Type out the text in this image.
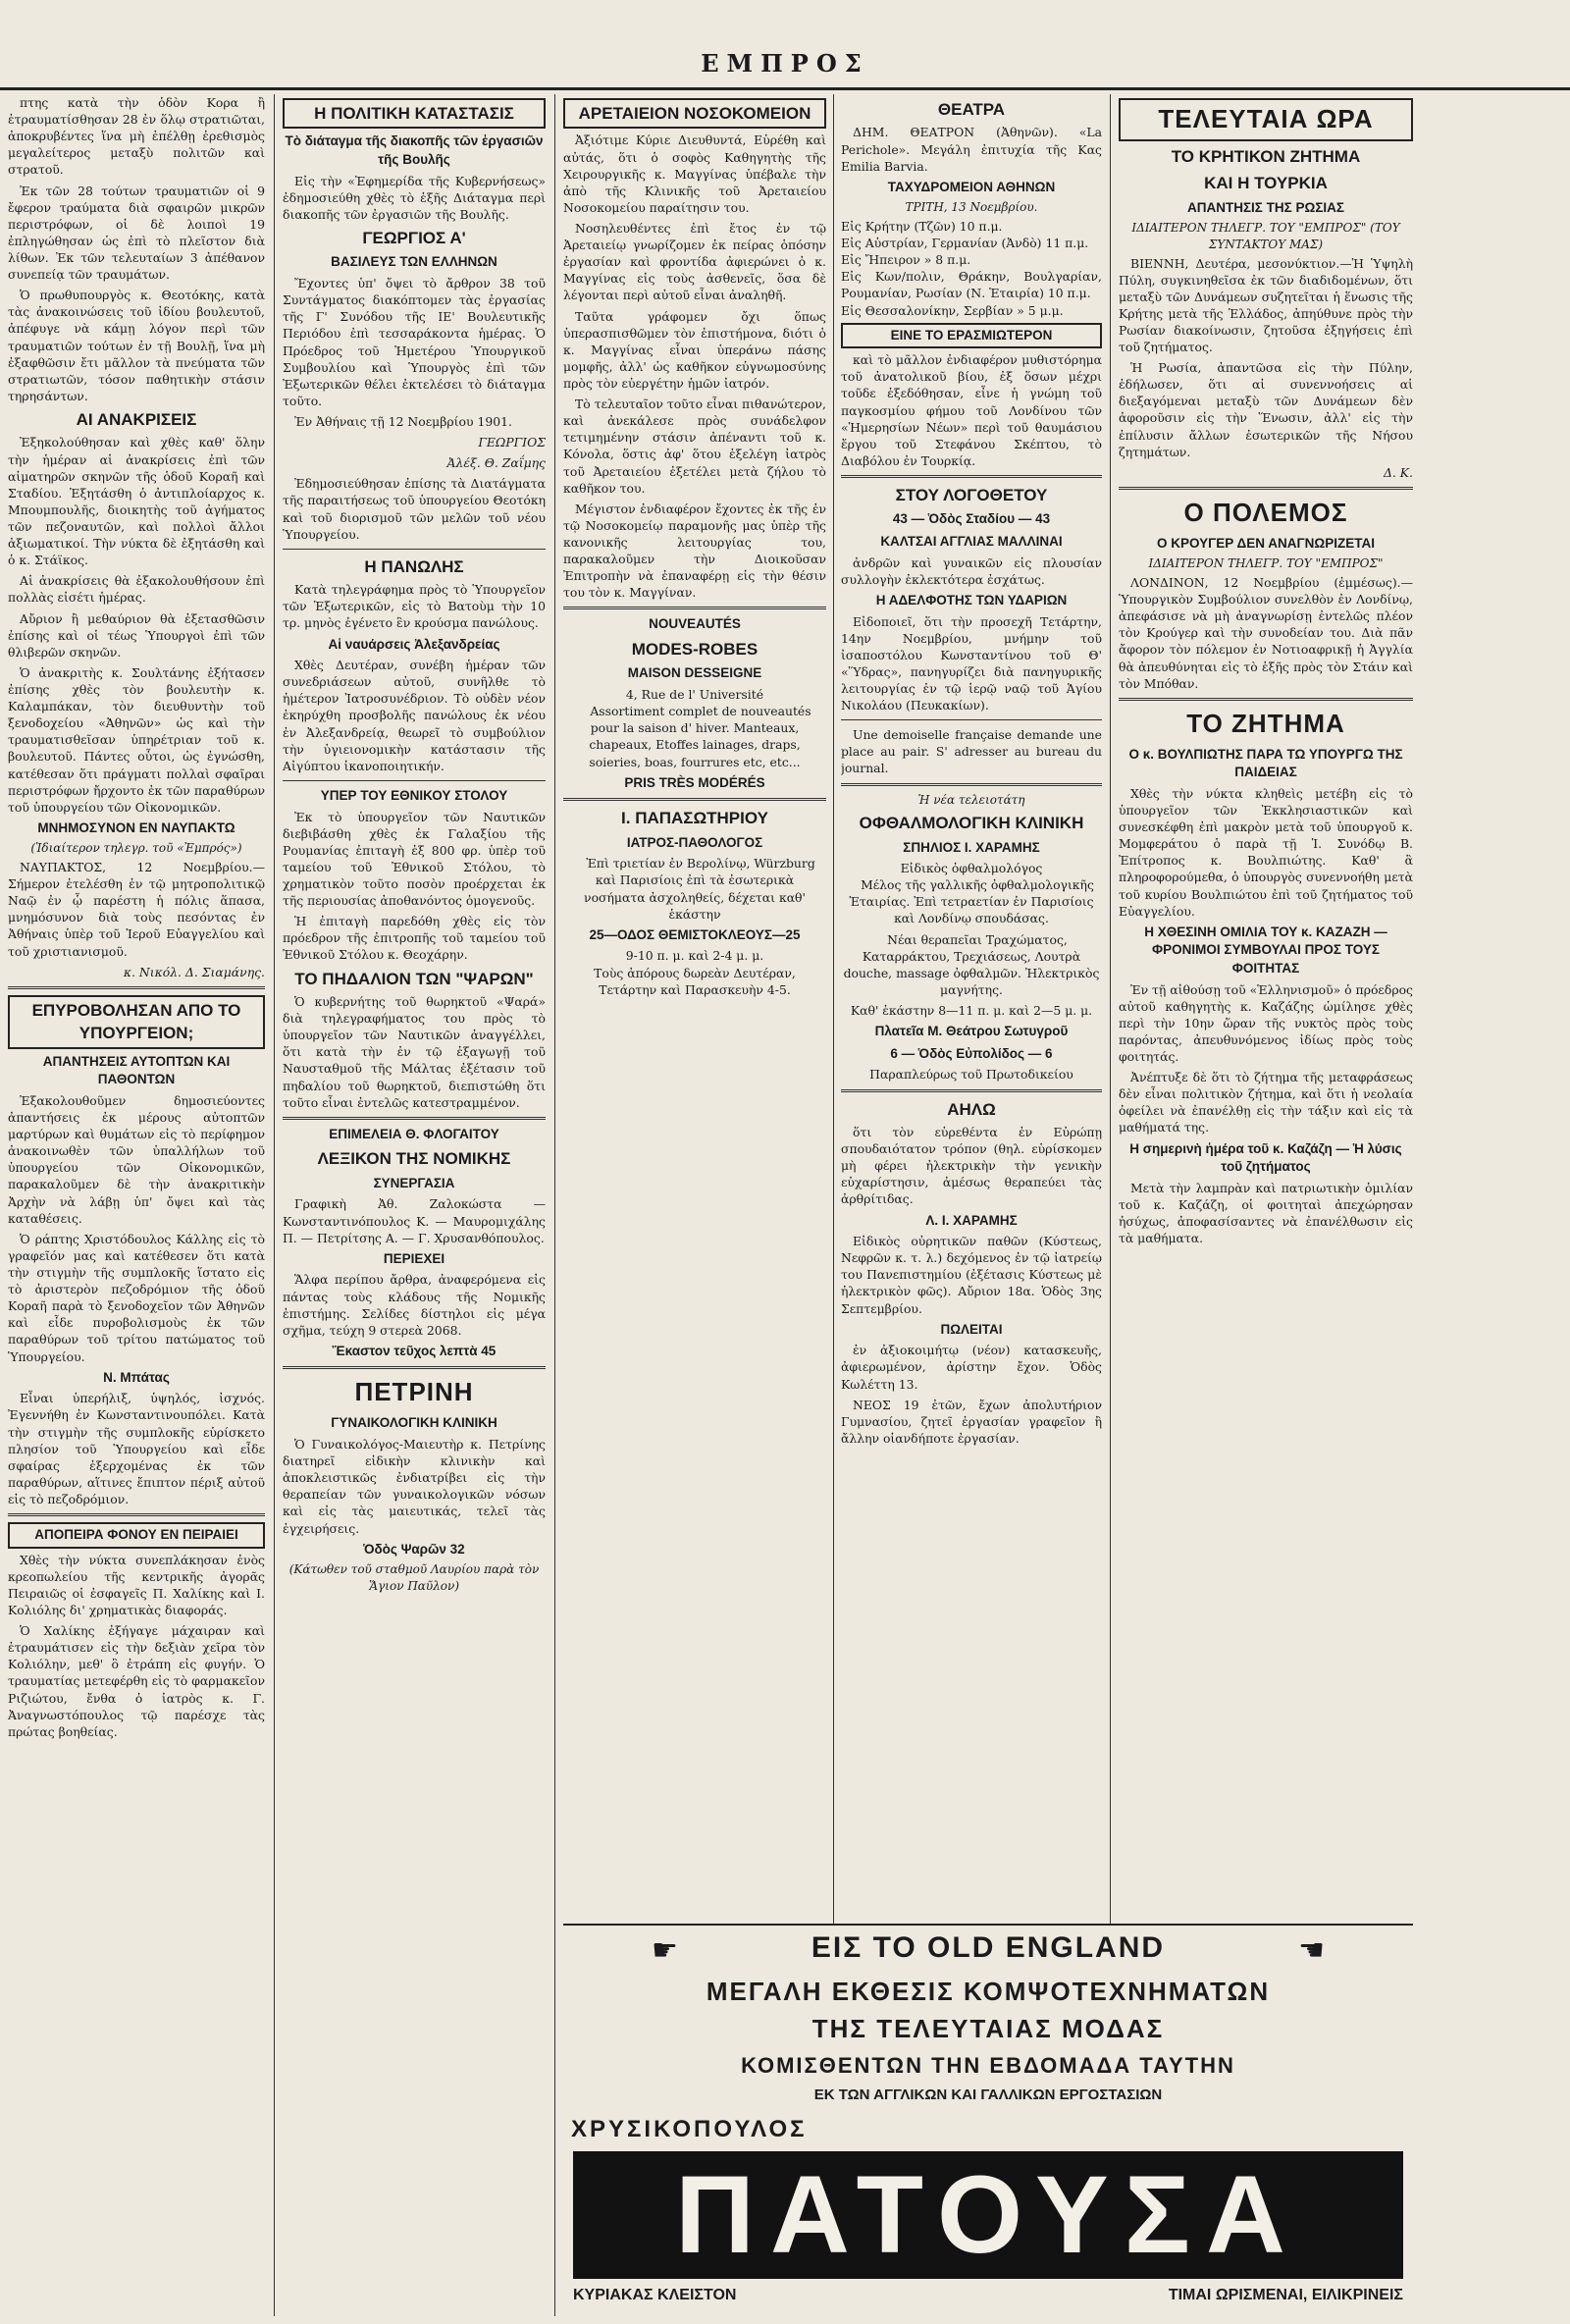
ΕΜΠΡΟΣ

πτης κατὰ τὴν ὁδὸν Κορα ἢ ἐτραυματίσθησαν 28 ἐν ὅλῳ στρατιῶται, ἀποκρυβέντες ἵνα μὴ ἐπέλθῃ ἐρεθισμὸς μεγαλείτερος μεταξὺ πολιτῶν καὶ στρατοῦ.

Ἐκ τῶν 28 τούτων τραυματιῶν οἱ 9 ἔφερον τραύματα διὰ σφαιρῶν μικρῶν περιστρόφων, οἱ δὲ λοιποὶ 19 ἐπληγώθησαν ὡς ἐπὶ τὸ πλεῖστον διὰ λίθων. Ἐκ τῶν τελευταίων 3 ἀπέθανον συνεπείᾳ τῶν τραυμάτων.

Ὁ πρωθυπουργὸς κ. Θεοτόκης, κατὰ τὰς ἀνακοινώσεις τοῦ ἰδίου βουλευτοῦ, ἀπέφυγε νὰ κάμῃ λόγον περὶ τῶν τραυματιῶν τούτων ἐν τῇ Βουλῇ, ἵνα μὴ ἐξαφθῶσιν ἔτι μᾶλλον τὰ πνεύματα τῶν στρατιωτῶν, τόσον παθητικὴν στάσιν τηρησάντων.

ΑΙ ΑΝΑΚΡΙΣΕΙΣ

Ἐξηκολούθησαν καὶ χθὲς καθ' ὅλην τὴν ἡμέραν αἱ ἀνακρίσεις ἐπὶ τῶν αἱματηρῶν σκηνῶν τῆς ὁδοῦ Κοραῆ καὶ Σταδίου. Ἐξητάσθη ὁ ἀντιπλοίαρχος κ. Μπουμπουλῆς, διοικητὴς τοῦ ἀγήματος τῶν πεζοναυτῶν, καὶ πολλοὶ ἄλλοι ἀξιωματικοί. Τὴν νύκτα δὲ ἐξητάσθη καὶ ὁ κ. Στάϊκος.

Αἱ ἀνακρίσεις θὰ ἐξακολουθήσουν ἐπὶ πολλὰς εἰσέτι ἡμέρας.

Αὔριον ἢ μεθαύριον θὰ ἐξετασθῶσιν ἐπίσης καὶ οἱ τέως Ὑπουργοὶ ἐπὶ τῶν θλιβερῶν σκηνῶν.

Ὁ ἀνακριτὴς κ. Σουλτάνης ἐξήτασεν ἐπίσης χθὲς τὸν βουλευτὴν κ. Καλαμπάκαν, τὸν διευθυντὴν τοῦ ξενοδοχείου «Ἀθηνῶν» ὡς καὶ τὴν τραυματισθεῖσαν ὑπηρέτριαν τοῦ κ. βουλευτοῦ. Πάντες οὗτοι, ὡς ἐγνώσθη, κατέθεσαν ὅτι πράγματι πολλαὶ σφαῖραι περιστρόφων ἤρχοντο ἐκ τῶν παραθύρων τοῦ ὑπουργείου τῶν Οἰκονομικῶν.

ΜΝΗΜΟΣΥΝΟΝ ΕΝ ΝΑΥΠΑΚΤΩ
(Ἰδιαίτερον τηλεγρ. τοῦ «Ἐμπρός»)

ΝΑΥΠΑΚΤΟΣ, 12 Νοεμβρίου.— Σήμερον ἐτελέσθη ἐν τῷ μητροπολιτικῷ Ναῷ ἐν ᾧ παρέστη ἡ πόλις ἅπασα, μνημόσυνον διὰ τοὺς πεσόντας ἐν Ἀθήναις ὑπὲρ τοῦ Ἱεροῦ Εὐαγγελίου καὶ τοῦ χριστιανισμοῦ.

κ. Νικόλ. Δ. Σιαμάνης.

ΕΠΥΡΟΒΟΛΗΣΑΝ ΑΠΟ ΤΟ ΥΠΟΥΡΓΕΙΟΝ;
ΑΠΑΝΤΗΣΕΙΣ ΑΥΤΟΠΤΩΝ ΚΑΙ ΠΑΘΟΝΤΩΝ

Ἐξακολουθοῦμεν δημοσιεύοντες ἀπαντήσεις ἐκ μέρους αὐτοπτῶν μαρτύρων καὶ θυμάτων εἰς τὸ περίφημον ἀνακοινωθὲν τῶν ὑπαλλήλων τοῦ ὑπουργείου τῶν Οἰκονομικῶν, παρακαλοῦμεν δὲ τὴν ἀνακριτικὴν Ἀρχὴν νὰ λάβῃ ὑπ' ὄψει καὶ τὰς καταθέσεις.

Ὁ ράπτης Χριστόδουλος Κάλλης εἰς τὸ γραφεῖόν μας καὶ κατέθεσεν ὅτι κατὰ τὴν στιγμὴν τῆς συμπλοκῆς ἵστατο εἰς τὸ ἀριστερὸν πεζοδρόμιον τῆς ὁδοῦ Κοραῆ παρὰ τὸ ξενοδοχεῖον τῶν Ἀθηνῶν καὶ εἶδε πυροβολισμοὺς ἐκ τῶν παραθύρων τοῦ τρίτου πατώματος τοῦ Ὑπουργείου.

Ν. Μπάτας

Εἶναι ὑπερήλιξ, ὑψηλός, ἰσχνός. Ἐγεννήθη ἐν Κωνσταντινουπόλει. Κατὰ τὴν στιγμὴν τῆς συμπλοκῆς εὑρίσκετο πλησίον τοῦ Ὑπουργείου καὶ εἶδε σφαίρας ἐξερχομένας ἐκ τῶν παραθύρων, αἵτινες ἔπιπτον πέριξ αὐτοῦ εἰς τὸ πεζοδρόμιον.

ΑΠΟΠΕΙΡΑ ΦΟΝΟΥ ΕΝ ΠΕΙΡΑΙΕΙ

Χθὲς τὴν νύκτα συνεπλάκησαν ἐνὸς κρεοπωλείου τῆς κεντρικῆς ἀγορᾶς Πειραιῶς οἱ ἐσφαγεῖς Π. Χαλίκης καὶ Ι. Κολιόλης δι' χρηματικὰς διαφοράς.

Ὁ Χαλίκης ἐξήγαγε μάχαιραν καὶ ἐτραυμάτισεν εἰς τὴν δεξιὰν χεῖρα τὸν Κολιόλην, μεθ' ὃ ἐτράπη εἰς φυγήν. Ὁ τραυματίας μετεφέρθη εἰς τὸ φαρμακεῖον Ριζιώτου, ἔνθα ὁ ἰατρὸς κ. Γ. Ἀναγνωστόπουλος τῷ παρέσχε τὰς πρώτας βοηθείας.

Η ΠΟΛΙΤΙΚΗ ΚΑΤΑΣΤΑΣΙΣ
Τὸ διάταγμα τῆς διακοπῆς τῶν ἐργασιῶν τῆς Βουλῆς

Εἰς τὴν «Ἐφημερίδα τῆς Κυβερνήσεως» ἐδημοσιεύθη χθὲς τὸ ἑξῆς Διάταγμα περὶ διακοπῆς τῶν ἐργασιῶν τῆς Βουλῆς.

ΓΕΩΡΓΙΟΣ Α'
ΒΑΣΙΛΕΥΣ ΤΩΝ ΕΛΛΗΝΩΝ

Ἔχοντες ὑπ' ὄψει τὸ ἄρθρον 38 τοῦ Συντάγματος διακόπτομεν τὰς ἐργασίας τῆς Γ' Συνόδου τῆς ΙΕ' Βουλευτικῆς Περιόδου ἐπὶ τεσσαράκοντα ἡμέρας. Ὁ Πρόεδρος τοῦ Ἡμετέρου Ὑπουργικοῦ Συμβουλίου καὶ Ὑπουργὸς ἐπὶ τῶν Ἐξωτερικῶν θέλει ἐκτελέσει τὸ διάταγμα τοῦτο.

Ἐν Ἀθήναις τῇ 12 Νοεμβρίου 1901.

ΓΕΩΡΓΙΟΣ

Ἀλέξ. Θ. Ζαΐμης

Ἐδημοσιεύθησαν ἐπίσης τὰ Διατάγματα τῆς παραιτήσεως τοῦ ὑπουργείου Θεοτόκη καὶ τοῦ διορισμοῦ τῶν μελῶν τοῦ νέου Ὑπουργείου.

Η ΠΑΝΩΛΗΣ

Κατὰ τηλεγράφημα πρὸς τὸ Ὑπουργεῖον τῶν Ἐξωτερικῶν, εἰς τὸ Βατοὺμ τὴν 10 τρ. μηνὸς ἐγένετο ἓν κρούσμα πανώλους.

Αἱ ναυάρσεις Ἀλεξανδρείας

Χθὲς Δευτέραν, συνέβη ἡμέραν τῶν συνεδριάσεων αὐτοῦ, συνῆλθε τὸ ἡμέτερον Ἰατροσυνέδριον. Τὸ οὐδὲν νέον ἐκηρύχθη προσβολῆς πανώλους ἐκ νέου ἐν Ἀλεξανδρείᾳ, θεωρεῖ τὸ συμβούλιον τὴν ὑγιειονομικὴν κατάστασιν τῆς Αἰγύπτου ἱκανοποιητικήν.

ΥΠΕΡ ΤΟΥ ΕΘΝΙΚΟΥ ΣΤΟΛΟΥ

Ἐκ τὸ ὑπουργεῖον τῶν Ναυτικῶν διεβιβάσθη χθὲς ἐκ Γαλαξίου τῆς Ρουμανίας ἐπιταγὴ ἐξ 800 φρ. ὑπὲρ τοῦ ταμείου τοῦ Ἐθνικοῦ Στόλου, τὸ χρηματικὸν τοῦτο ποσὸν προέρχεται ἐκ τῆς περιουσίας ἀποθανόντος ὁμογενοῦς.

Ἡ ἐπιταγὴ παρεδόθη χθὲς εἰς τὸν πρόεδρον τῆς ἐπιτροπῆς τοῦ ταμείου τοῦ Ἐθνικοῦ Στόλου κ. Θεοχάρην.

ΤΟ ΠΗΔΑΛΙΟΝ ΤΩΝ "ΨΑΡΩΝ"

Ὁ κυβερνήτης τοῦ θωρηκτοῦ «Ψαρά» διὰ τηλεγραφήματος του πρὸς τὸ ὑπουργεῖον τῶν Ναυτικῶν ἀναγγέλλει, ὅτι κατὰ τὴν ἐν τῷ ἐξαγωγῇ τοῦ Ναυσταθμοῦ τῆς Μάλτας ἐξέτασιν τοῦ πηδαλίου τοῦ θωρηκτοῦ, διεπιστώθη ὅτι τοῦτο εἶναι ἐντελῶς κατεστραμμένον.

ΕΠΙΜΕΛΕΙΑ Θ. ΦΛΟΓΑΙΤΟΥ
ΛΕΞΙΚΟΝ ΤΗΣ ΝΟΜΙΚΗΣ
ΣΥΝΕΡΓΑΣΙΑ

Γραφικὴ Ἀθ. Ζαλοκώστα — Κωνσταντινόπουλος Κ. — Μαυρομιχάλης Π. — Πετρίτσης Α. — Γ. Χρυσανθόπουλος.

ΠΕΡΙΕΧΕΙ

Ἅλφα περίπου ἄρθρα, ἀναφερόμενα εἰς πάντας τοὺς κλάδους τῆς Νομικῆς ἐπιστήμης. Σελίδες δίστηλοι εἰς μέγα σχῆμα, τεύχη 9 στερεὰ 2068.

Ἕκαστον τεῦχος λεπτὰ 45
ΠΕΤΡΙΝΗ
ΓΥΝΑΙΚΟΛΟΓΙΚΗ ΚΛΙΝΙΚΗ

Ὁ Γυναικολόγος-Μαιευτὴρ κ. Πετρίνης διατηρεῖ εἰδικὴν κλινικὴν καὶ ἀποκλειστικῶς ἐνδιατρίβει εἰς τὴν θεραπείαν τῶν γυναικολογικῶν νόσων καὶ εἰς τὰς μαιευτικάς, τελεῖ τὰς ἐγχειρήσεις.

Ὁδὸς Ψαρῶν 32
(Κάτωθεν τοῦ σταθμοῦ Λαυρίου παρὰ τὸν Ἅγιον Παῦλον)
ΑΡΕΤΑΙΕΙΟΝ ΝΟΣΟΚΟΜΕΙΟΝ

Ἀξιότιμε Κύριε Διευθυντά, Εὑρέθη καὶ αὐτάς, ὅτι ὁ σοφὸς Καθηγητὴς τῆς Χειρουργικῆς κ. Μαγγίνας ὑπέβαλε τὴν ἀπὸ τῆς Κλινικῆς τοῦ Ἀρεταιείου Νοσοκομείου παραίτησιν του.

Νοσηλευθέντες ἐπὶ ἔτος ἐν τῷ Ἀρεταιείῳ γνωρίζομεν ἐκ πείρας ὁπόσην ἐργασίαν καὶ φροντίδα ἀφιερώνει ὁ κ. Μαγγίνας εἰς τοὺς ἀσθενεῖς, ὅσα δὲ λέγονται περὶ αὐτοῦ εἶναι ἀναληθῆ.

Ταῦτα γράφομεν ὄχι ὅπως ὑπερασπισθῶμεν τὸν ἐπιστήμονα, διότι ὁ κ. Μαγγίνας εἶναι ὑπεράνω πάσης μομφῆς, ἀλλ' ὡς καθῆκον εὐγνωμοσύνης πρὸς τὸν εὐεργέτην ἡμῶν ἰατρόν.

Τὸ τελευταῖον τοῦτο εἶναι πιθανώτερον, καὶ ἀνεκάλεσε πρὸς συνάδελφον τετιμημένην στάσιν ἀπέναντι τοῦ κ. Κόνολα, ὅστις ἀφ' ὅτου ἐξελέγη ἰατρὸς τοῦ Ἀρεταιείου ἐξετέλει μετὰ ζήλου τὸ καθῆκον του.

Μέγιστον ἐνδιαφέρον ἔχοντες ἐκ τῆς ἐν τῷ Νοσοκομείῳ παραμονῆς μας ὑπὲρ τῆς κανονικῆς λειτουργίας του, παρακαλοῦμεν τὴν Διοικοῦσαν Ἐπιτροπὴν νὰ ἐπαναφέρῃ εἰς τὴν θέσιν του τὸν κ. Μαγγίναν.

NOUVEAUTÉS
MODES-ROBES
MAISON DESSEIGNE
4, Rue de l' Université

Assortiment complet de nouveautés pour la saison d' hiver. Manteaux, chapeaux, Etoffes lainages, draps, soieries, boas, fourrures etc, etc...

PRIS TRÈS MODÉRÉS
Ι. ΠΑΠΑΣΩΤΗΡΙΟΥ
ΙΑΤΡΟΣ-ΠΑΘΟΛΟΓΟΣ

Ἐπὶ τριετίαν ἐν Βερολίνῳ, Würzburg καὶ Παρισίοις ἐπὶ τὰ ἐσωτερικὰ νοσήματα ἀσχοληθείς, δέχεται καθ' ἑκάστην

25—ΟΔΟΣ ΘΕΜΙΣΤΟΚΛΕΟΥΣ—25
9-10 π. μ. καὶ 2-4 μ. μ.
Τοὺς ἀπόρους δωρεὰν Δευτέραν, Τετάρτην καὶ Παρασκευὴν 4-5.
ΘΕΑΤΡΑ

ΔΗΜ. ΘΕΑΤΡΟΝ (Ἀθηνῶν). «La Perichole». Μεγάλη ἐπιτυχία τῆς Κας Emilia Barvia.

ΤΑΧΥΔΡΟΜΕΙΟΝ ΑΘΗΝΩΝ
ΤΡΙΤΗ, 13 Νοεμβρίου.
Εἰς Κρήτην (Τζῶν) 10 π.μ.
Εἰς Αὐστρίαν, Γερμανίαν (Ἀνδὸ) 11 π.μ.
Εἰς Ἤπειρον » 8 π.μ.
Εἰς Κων/πολιν, Θράκην, Βουλγαρίαν, Ρουμανίαν, Ρωσίαν (Ν. Ἑταιρία) 10 π.μ.
Εἰς Θεσσαλονίκην, Σερβίαν » 5 μ.μ.
ΕΙΝΕ ΤΟ ΕΡΑΣΜΙΩΤΕΡΟΝ

καὶ τὸ μᾶλλον ἐνδιαφέρον μυθιστόρημα τοῦ ἀνατολικοῦ βίου, ἐξ ὅσων μέχρι τοῦδε ἐξεδόθησαν, εἶνε ἡ γνώμη τοῦ παγκοσμίου φήμου τοῦ Λονδίνου τῶν «Ἡμερησίων Νέων» περὶ τοῦ θαυμάσιου ἔργου τοῦ Στεφάνου Σκέπτου, τὸ Διαβόλου ἐν Τουρκίᾳ.

ΣΤΟΥ ΛΟΓΟΘΕΤΟΥ
43 — Ὁδὸς Σταδίου — 43
ΚΑΛΤΣΑΙ ΑΓΓΛΙΑΣ ΜΑΛΛΙΝΑΙ

ἀνδρῶν καὶ γυναικῶν εἰς πλουσίαν συλλογὴν ἐκλεκτότερα ἐσχάτως.

Η ΑΔΕΛΦΟΤΗΣ ΤΩΝ ΥΔΑΡΙΩΝ

Εἰδοποιεῖ, ὅτι τὴν προσεχῆ Τετάρτην, 14ην Νοεμβρίου, μνήμην τοῦ ἰσαποστόλου Κωνσταντίνου τοῦ Θ' «Ὕδρας», πανηγυρίζει διὰ πανηγυρικῆς λειτουργίας ἐν τῷ ἱερῷ ναῷ τοῦ Ἁγίου Νικολάου (Πευκακίων).

Une demoiselle française demande une place au pair. S' adresser au bureau du journal.

Ἡ νέα τελειοτάτη
ΟΦΘΑΛΜΟΛΟΓΙΚΗ ΚΛΙΝΙΚΗ
ΣΠΗΛΙΟΣ Ι. ΧΑΡΑΜΗΣ
Εἰδικὸς ὀφθαλμολόγος

Μέλος τῆς γαλλικῆς ὀφθαλμολογικῆς Ἑταιρίας. Ἐπὶ τετραετίαν ἐν Παρισίοις καὶ Λονδίνῳ σπουδάσας.

Νέαι θεραπεῖαι Τραχώματος, Καταρράκτου, Τρεχιάσεως, Λουτρὰ douche, massage ὀφθαλμῶν. Ἠλεκτρικὸς μαγνήτης.

Καθ' ἑκάστην 8—11 π. μ. καὶ 2—5 μ. μ.
Πλατεῖα Μ. Θεάτρου Σωτυγροῦ
6 — Ὁδὸς Εὐπολίδος — 6
Παραπλεύρως τοῦ Πρωτοδικείου
ΑΗΛΩ

ὅτι τὸν εὑρεθέντα ἐν Εὐρώπῃ σπουδαιότατον τρόπον (θηλ. εὑρίσκομεν μὴ φέρει ἠλεκτρικὴν τὴν γενικὴν εὐχαρίστησιν, ἀμέσως θεραπεύει τὰς ἀρθρίτιδας.

Λ. Ι. ΧΑΡΑΜΗΣ

Εἰδικὸς οὐρητικῶν παθῶν (Κύστεως, Νεφρῶν κ. τ. λ.) δεχόμενος ἐν τῷ ἰατρείῳ του Πανεπιστημίου (ἐξέτασις Κύστεως μὲ ἠλεκτρικὸν φῶς). Αὔριον 18α. Ὁδὸς 3ης Σεπτεμβρίου.

ΠΩΛΕΙΤΑΙ

ἐν ἀξιοκοιμήτῳ (νέον) κατασκευῆς, ἀφιερωμένον, ἀρίστην ἔχον. Ὁδὸς Κωλέττη 13.

ΝΕΟΣ 19 ἐτῶν, ἔχων ἀπολυτήριον Γυμνασίου, ζητεῖ ἐργασίαν γραφεῖον ἢ ἄλλην οἱανδήποτε ἐργασίαν.

ΤΕΛΕΥΤΑΙΑ ΩΡΑ
ΤΟ ΚΡΗΤΙΚΟΝ ΖΗΤΗΜΑ
ΚΑΙ Η ΤΟΥΡΚΙΑ
ΑΠΑΝΤΗΣΙΣ ΤΗΣ ΡΩΣΙΑΣ
ΙΔΙΑΙΤΕΡΟΝ ΤΗΛΕΓΡ. ΤΟΥ "ΕΜΠΡΟΣ" (ΤΟΥ ΣΥΝΤΑΚΤΟΥ ΜΑΣ)

ΒΙΕΝΝΗ, Δευτέρα, μεσονύκτιον.—Ἡ Ὑψηλὴ Πύλη, συγκινηθεῖσα ἐκ τῶν διαδιδομένων, ὅτι μεταξὺ τῶν Δυνάμεων συζητεῖται ἡ ἕνωσις τῆς Κρήτης μετὰ τῆς Ἑλλάδος, ἀπηύθυνε πρὸς τὴν Ρωσίαν διακοίνωσιν, ζητοῦσα ἐξηγήσεις ἐπὶ τοῦ ζητήματος.

Ἡ Ρωσία, ἀπαντῶσα εἰς τὴν Πύλην, ἐδήλωσεν, ὅτι αἱ συνεννοήσεις αἱ διεξαγόμεναι μεταξὺ τῶν Δυνάμεων δὲν ἀφοροῦσιν εἰς τὴν Ἕνωσιν, ἀλλ' εἰς τὴν ἐπίλυσιν ἄλλων ἐσωτερικῶν τῆς Νήσου ζητημάτων.

Δ. Κ.

Ο ΠΟΛΕΜΟΣ
Ο ΚΡΟΥΓΕΡ ΔΕΝ ΑΝΑΓΝΩΡΙΖΕΤΑΙ
ΙΔΙΑΙΤΕΡΟΝ ΤΗΛΕΓΡ. ΤΟΥ "ΕΜΠΡΟΣ"

ΛΟΝΔΙΝΟΝ, 12 Νοεμβρίου (ἐμμέσως).—Ὑπουργικὸν Συμβούλιον συνελθὸν ἐν Λονδίνῳ, ἀπεφάσισε νὰ μὴ ἀναγνωρίσῃ ἐντελῶς πλέον τὸν Κρούγερ καὶ τὴν συνοδείαν του. Διὰ πᾶν ἄφορον τὸν πόλεμον ἐν Νοτιοαφρικῇ ἡ Ἀγγλία θὰ ἀπευθύνηται εἰς τὸ ἑξῆς πρὸς τὸν Στάιν καὶ τὸν Μπόθαν.

ΤΟ ΖΗΤΗΜΑ
Ο κ. ΒΟΥΛΠΙΩΤΗΣ ΠΑΡΑ ΤΩ ΥΠΟΥΡΓΩ ΤΗΣ ΠΑΙΔΕΙΑΣ

Χθὲς τὴν νύκτα κληθεὶς μετέβη εἰς τὸ ὑπουργεῖον τῶν Ἐκκλησιαστικῶν καὶ συνεσκέφθη ἐπὶ μακρὸν μετὰ τοῦ ὑπουργοῦ κ. Μομφεράτου ὁ παρὰ τῇ Ἱ. Συνόδῳ Β. Ἐπίτροπος κ. Βουλπιώτης. Καθ' ἃ πληροφορούμεθα, ὁ ὑπουργὸς συνεννοήθη μετὰ τοῦ κυρίου Βουλπιώτου ἐπὶ τοῦ ζητήματος τοῦ Εὐαγγελίου.

Η ΧΘΕΣΙΝΗ ΟΜΙΛΙΑ ΤΟΥ κ. ΚΑΖΑΖΗ — ΦΡΟΝΙΜΟΙ ΣΥΜΒΟΥΛΑΙ ΠΡΟΣ ΤΟΥΣ ΦΟΙΤΗΤΑΣ

Ἐν τῇ αἰθούσῃ τοῦ «Ἑλληνισμοῦ» ὁ πρόεδρος αὐτοῦ καθηγητὴς κ. Καζάζης ὡμίλησε χθὲς περὶ τὴν 10ην ὥραν τῆς νυκτὸς πρὸς τοὺς παρόντας, ἀπευθυνόμενος ἰδίως πρὸς τοὺς φοιτητάς.

Ἀνέπτυξε δὲ ὅτι τὸ ζήτημα τῆς μεταφράσεως δὲν εἶναι πολιτικὸν ζήτημα, καὶ ὅτι ἡ νεολαία ὀφείλει νὰ ἐπανέλθῃ εἰς τὴν τάξιν καὶ εἰς τὰ μαθήματά της.

Η σημερινὴ ἡμέρα τοῦ κ. Καζάζη — Ἡ λύσις τοῦ ζητήματος

Μετὰ τὴν λαμπρὰν καὶ πατριωτικὴν ὁμιλίαν τοῦ κ. Καζάζη, οἱ φοιτηταὶ ἀπεχώρησαν ἡσύχως, ἀποφασίσαντες νὰ ἐπανέλθωσιν εἰς τὰ μαθήματα.

☛	☚
ΕΙΣ ΤΟ OLD ENGLAND
ΜΕΓΑΛΗ ΕΚΘΕΣΙΣ ΚΟΜΨΟΤΕΧΝΗΜΑΤΩΝ
ΤΗΣ ΤΕΛΕΥΤΑΙΑΣ ΜΟΔΑΣ
ΚΟΜΙΣΘΕΝΤΩΝ ΤΗΝ ΕΒΔΟΜΑΔΑ ΤΑΥΤΗΝ
ΕΚ ΤΩΝ ΑΓΓΛΙΚΩΝ ΚΑΙ ΓΑΛΛΙΚΩΝ ΕΡΓΟΣΤΑΣΙΩΝ
ΧΡΥΣΙΚΟΠΟΥΛΟΣ
ΠΑΤΟΥΣΑ
ΚΥΡΙΑΚΑΣ ΚΛΕΙΣΤΟΝ	ΤΙΜΑΙ ΩΡΙΣΜΕΝΑΙ, ΕΙΛΙΚΡΙΝΕΙΣ
